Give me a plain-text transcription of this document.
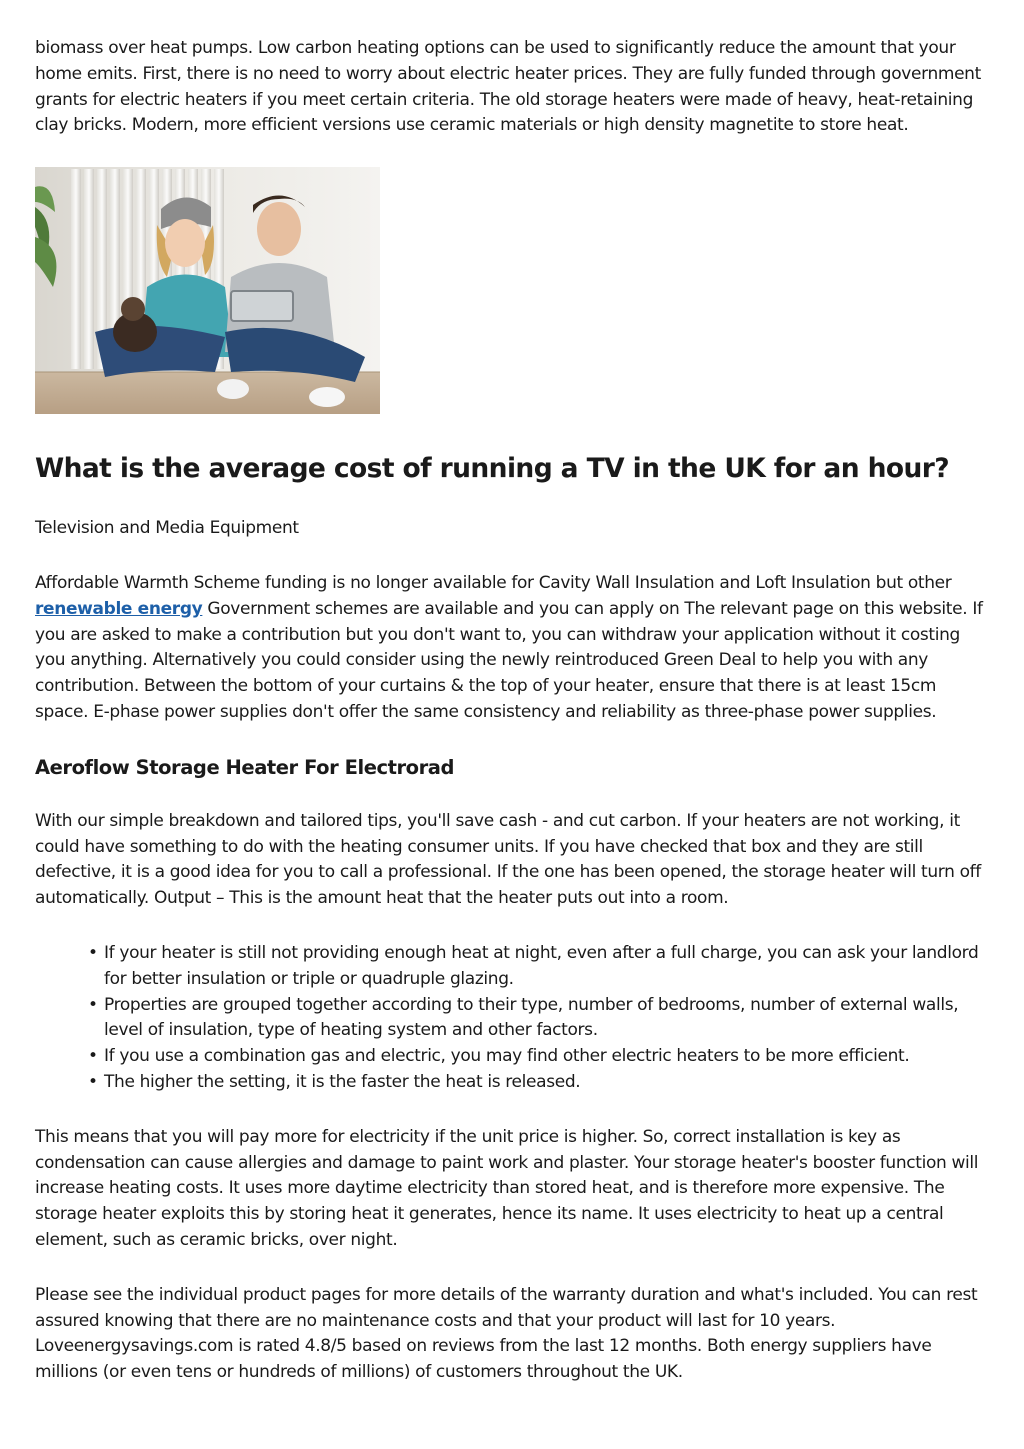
biomass over heat pumps. Low carbon heating options can be used to significantly reduce the amount that your home emits. First, there is no need to worry about electric heater prices. They are fully funded through government grants for electric heaters if you meet certain criteria. The old storage heaters were made of heavy, heat-retaining clay bricks. Modern, more efficient versions use ceramic materials or high density magnetite to store heat.

What is the average cost of running a TV in the UK for an hour?

Television and Media Equipment

Affordable Warmth Scheme funding is no longer available for Cavity Wall Insulation and Loft Insulation but other renewable energy Government schemes are available and you can apply on The relevant page on this website. If you are asked to make a contribution but you don't want to, you can withdraw your application without it costing you anything. Alternatively you could consider using the newly reintroduced Green Deal to help you with any contribution. Between the bottom of your curtains & the top of your heater, ensure that there is at least 15cm space. E-phase power supplies don't offer the same consistency and reliability as three-phase power supplies.

Aeroflow Storage Heater For Electrorad

With our simple breakdown and tailored tips, you'll save cash - and cut carbon. If your heaters are not working, it could have something to do with the heating consumer units. If you have checked that box and they are still defective, it is a good idea for you to call a professional. If the one has been opened, the storage heater will turn off automatically. Output – This is the amount heat that the heater puts out into a room.

• If your heater is still not providing enough heat at night, even after a full charge, you can ask your landlord for better insulation or triple or quadruple glazing.
• Properties are grouped together according to their type, number of bedrooms, number of external walls, level of insulation, type of heating system and other factors.
• If you use a combination gas and electric, you may find other electric heaters to be more efficient.
• The higher the setting, it is the faster the heat is released.

This means that you will pay more for electricity if the unit price is higher. So, correct installation is key as condensation can cause allergies and damage to paint work and plaster. Your storage heater's booster function will increase heating costs. It uses more daytime electricity than stored heat, and is therefore more expensive. The storage heater exploits this by storing heat it generates, hence its name. It uses electricity to heat up a central element, such as ceramic bricks, over night.

Please see the individual product pages for more details of the warranty duration and what's included. You can rest assured knowing that there are no maintenance costs and that your product will last for 10 years. Loveenergysavings.com is rated 4.8/5 based on reviews from the last 12 months. Both energy suppliers have millions (or even tens or hundreds of millions) of customers throughout the UK.
